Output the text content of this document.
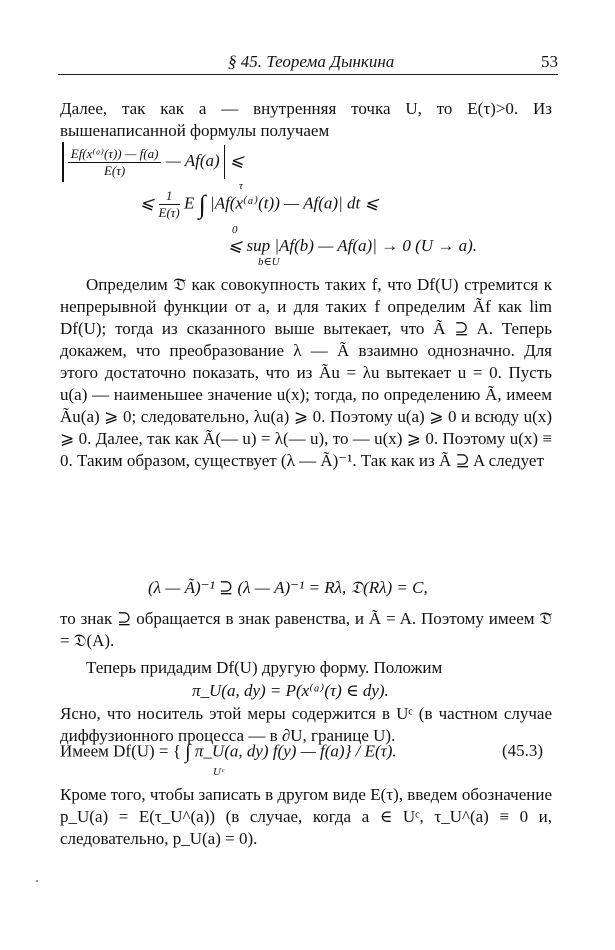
§ 45. Теорема Дынкина	53
Далее, так как a — внутренняя точка U, то E(τ)>0. Из вышенаписанной формулы получаем

$\frac{\text{Ef(x⁽ᵃ⁾(τ)) — f(a)}}{E(\tau)}$ — Af(a) ⩽
⩽ $\frac{1}{E(\tau)}$ E ∫ |Af(x⁽ᵃ⁾(t)) — Af(a)| dt ⩽
τ
0
⩽ sup |Af(b) — Af(a)| → 0 (U → a).
b∈U
Определим 𝔇̃ как совокупность таких f, что Df(U) стремится к непрерывной функции от a, и для таких f определим Ãf как lim Df(U); тогда из сказанного выше вытекает, что Ã ⊇ A. Теперь докажем, что преобразование λ — Ã взаимно однозначно. Для этого достаточно показать, что из Ãu = λu вытекает u = 0. Пусть u(a) — наименьшее значение u(x); тогда, по определению Ã, имеем Ãu(a) ⩾ 0; следовательно, λu(a) ⩾ 0. Поэтому u(a) ⩾ 0 и всюду u(x) ⩾ 0. Далее, так как Ã(— u) = λ(— u), то — u(x) ⩾ 0. Поэтому u(x) ≡ 0. Таким образом, существует (λ — Ã)⁻¹. Так как из Ã ⊇ A следует
(λ — Ã)⁻¹ ⊇ (λ — A)⁻¹ = Rλ, 𝔇(Rλ) = C,
то знак ⊇ обращается в знак равенства, и Ã = A. Поэтому имеем 𝔇̃ = 𝔇(A).
Теперь придадим Df(U) другую форму. Положим
π_U(a, dy) = P(x⁽ᵃ⁾(τ) ∈ dy).
Ясно, что носитель этой меры содержится в Uᶜ (в частном случае диффузионного процесса — в ∂U, границе U).
Имеем Df(U) = { ∫ π_U(a, dy) f(y) — f(a)} / E(τ).
Uᶜ
(45.3)
Кроме того, чтобы записать в другом виде E(τ), введем обозначение p_U(a) = E(τ_U^(a)) (в случае, когда a ∈ Uᶜ, τ_U^(a) ≡ 0 и, следовательно, p_U(a) = 0).
